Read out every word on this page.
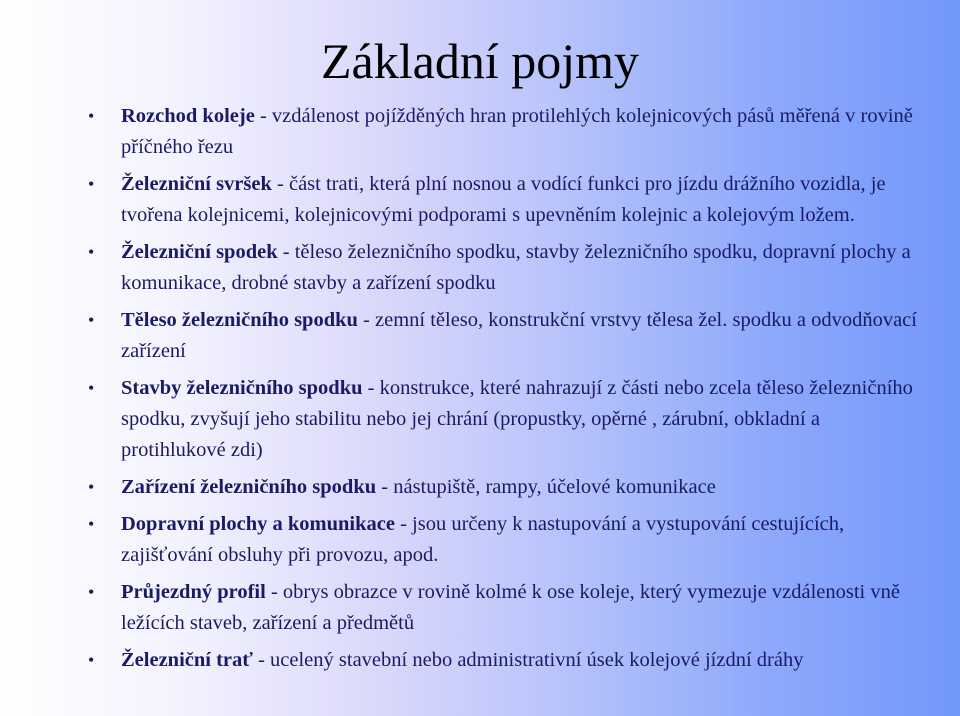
Základní pojmy
• Rozchod koleje - vzdálenost pojížděných hran protilehlých kolejnicových pásů měřená v rovině příčného řezu
• Železniční svršek - část trati, která plní nosnou a vodící funkci pro jízdu drážního vozidla, je tvořena kolejnicemi, kolejnicovými podporami s upevněním kolejnic a kolejovým ložem.
• Železniční spodek - těleso železničního spodku, stavby železničního spodku, dopravní plochy a komunikace, drobné stavby a zařízení spodku
• Těleso železničního spodku - zemní těleso, konstrukční vrstvy tělesa žel. spodku a odvodňovací zařízení
• Stavby železničního spodku - konstrukce, které nahrazují z části nebo zcela těleso železničního spodku, zvyšují jeho stabilitu nebo jej chrání (propustky, opěrné , zárubní, obkladní a protihlukové zdi)
• Zařízení železničního spodku - nástupiště, rampy, účelové komunikace
• Dopravní plochy a komunikace - jsou určeny k nastupování a vystupování cestujících, zajišťování obsluhy při provozu, apod.
• Průjezdný profil - obrys obrazce v rovině kolmé k ose koleje, který vymezuje vzdálenosti vně ležících staveb, zařízení a předmětů
• Železniční trať - ucelený stavební nebo administrativní úsek kolejové jízdní dráhy
